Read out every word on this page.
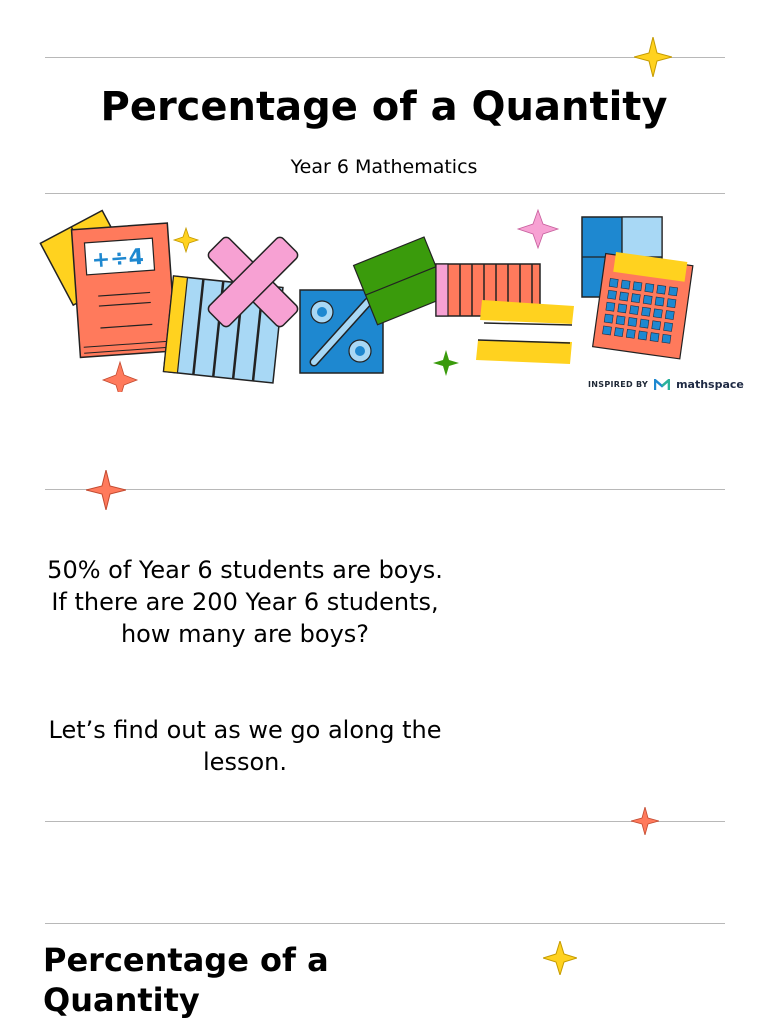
Percentage of a Quantity

Year 6 Mathematics

+÷4
INSPIRED BY	mathspace

50% of Year 6 students are boys. If there are 200 Year 6 students, how many are boys?

Let’s find out as we go along the lesson.

Percentage of a Quantity
